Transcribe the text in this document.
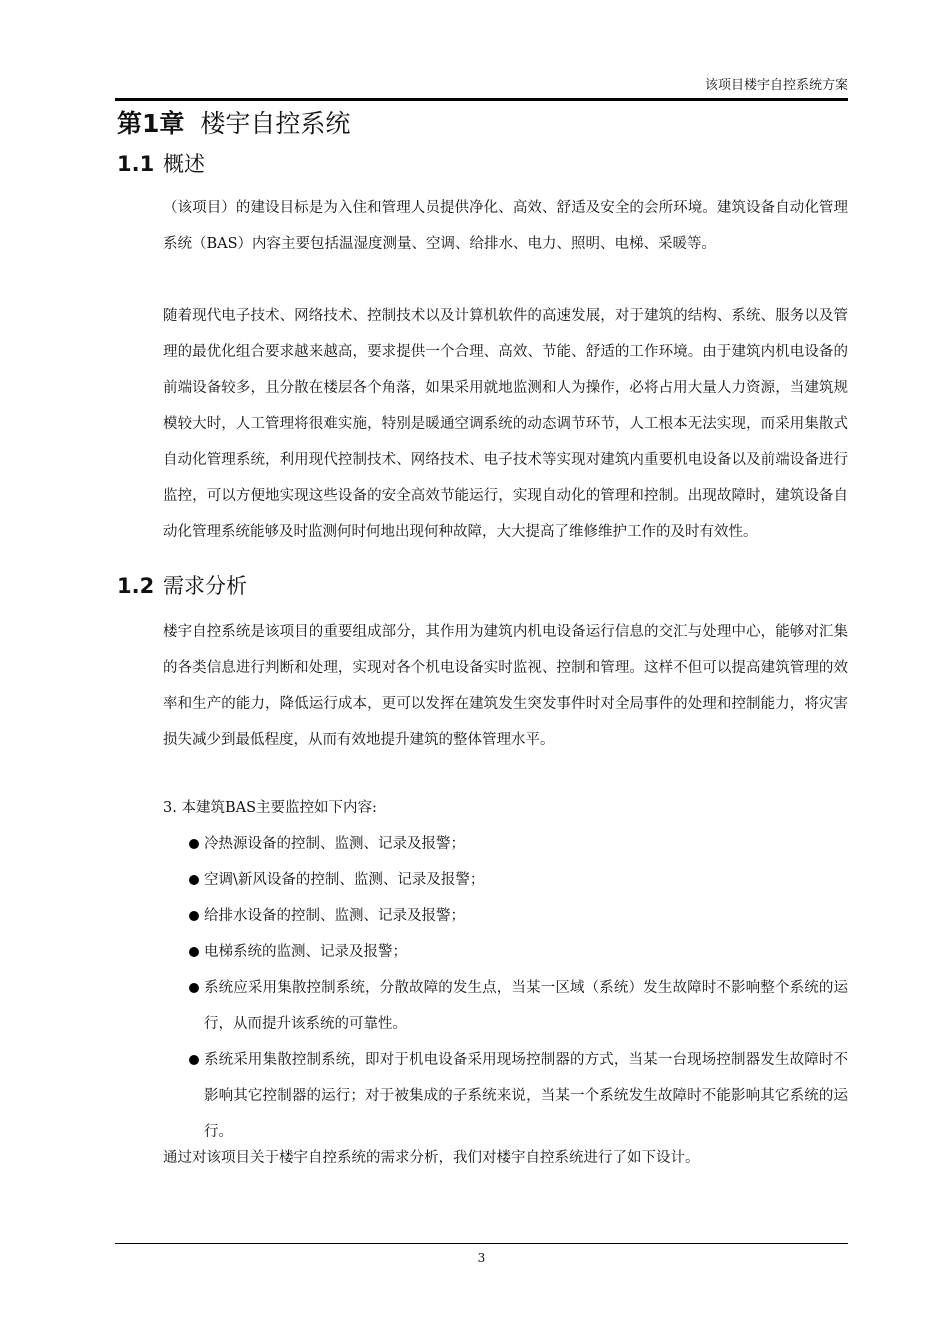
该项目楼宇自控系统方案
第1章 楼宇自控系统
1.1 概述

（该项目）的建设目标是为入住和管理人员提供净化、高效、舒适及安全的会所环境。建筑设备自动化管理系统（BAS）内容主要包括温湿度测量、空调、给排水、电力、照明、电梯、采暖等。

随着现代电子技术、网络技术、控制技术以及计算机软件的高速发展，对于建筑的结构、系统、服务以及管理的最优化组合要求越来越高，要求提供一个合理、高效、节能、舒适的工作环境。由于建筑内机电设备的前端设备较多，且分散在楼层各个角落，如果采用就地监测和人为操作，必将占用大量人力资源，当建筑规模较大时，人工管理将很难实施，特别是暖通空调系统的动态调节环节，人工根本无法实现，而采用集散式自动化管理系统，利用现代控制技术、网络技术、电子技术等实现对建筑内重要机电设备以及前端设备进行监控，可以方便地实现这些设备的安全高效节能运行，实现自动化的管理和控制。出现故障时，建筑设备自动化管理系统能够及时监测何时何地出现何种故障，大大提高了维修维护工作的及时有效性。

1.2 需求分析

楼宇自控系统是该项目的重要组成部分，其作用为建筑内机电设备运行信息的交汇与处理中心，能够对汇集的各类信息进行判断和处理，实现对各个机电设备实时监视、控制和管理。这样不但可以提高建筑管理的效率和生产的能力，降低运行成本，更可以发挥在建筑发生突发事件时对全局事件的处理和控制能力，将灾害损失减少到最低程度，从而有效地提升建筑的整体管理水平。

3. 本建筑BAS主要监控如下内容:

冷热源设备的控制、监测、记录及报警；
空调\新风设备的控制、监测、记录及报警；
给排水设备的控制、监测、记录及报警；
电梯系统的监测、记录及报警；
系统应采用集散控制系统，分散故障的发生点，当某一区域（系统）发生故障时不影响整个系统的运行，从而提升该系统的可靠性。
系统采用集散控制系统，即对于机电设备采用现场控制器的方式，当某一台现场控制器发生故障时不影响其它控制器的运行；对于被集成的子系统来说，当某一个系统发生故障时不能影响其它系统的运行。

通过对该项目关于楼宇自控系统的需求分析，我们对楼宇自控系统进行了如下设计。

3
